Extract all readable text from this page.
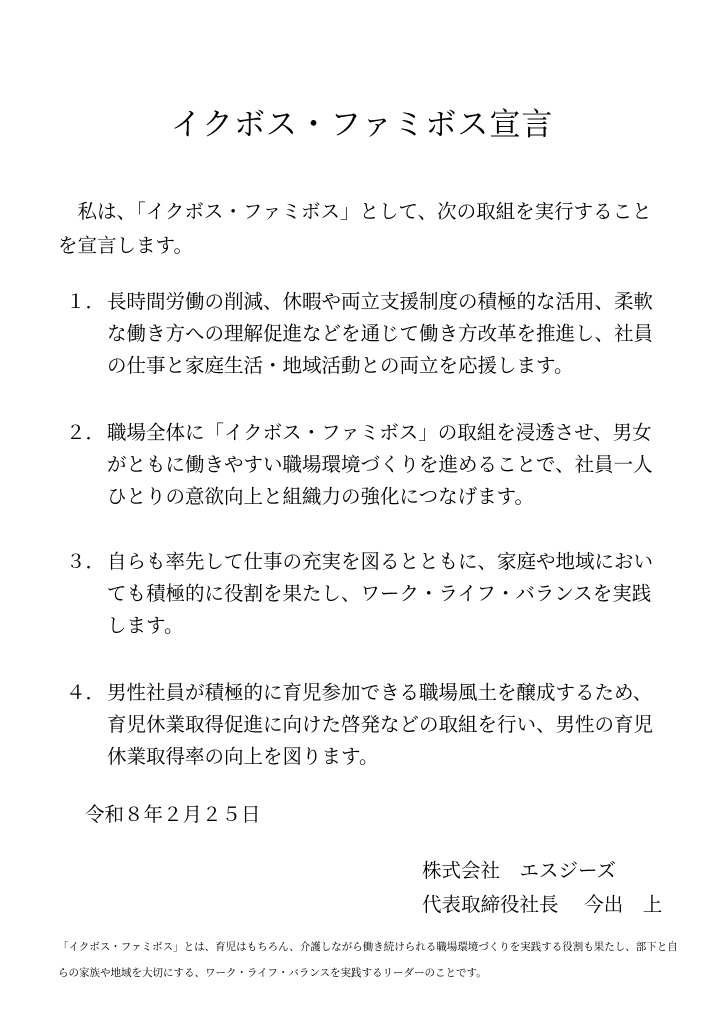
イクボス・ファミボス宣言
私は、「イクボス・ファミボス」として、次の取組を実行することを宣言します。
１． 長時間労働の削減、休暇や両立支援制度の積極的な活用、柔軟な働き方への理解促進などを通じて働き方改革を推進し、社員の仕事と家庭生活・地域活動との両立を応援します。
２． 職場全体に「イクボス・ファミボス」の取組を浸透させ、男女がともに働きやすい職場環境づくりを進めることで、社員一人ひとりの意欲向上と組織力の強化につなげます。
３． 自らも率先して仕事の充実を図るとともに、家庭や地域においても積極的に役割を果たし、ワーク・ライフ・バランスを実践します。
４． 男性社員が積極的に育児参加できる職場風土を醸成するため、育児休業取得促進に向けた啓発などの取組を行い、男性の育児休業取得率の向上を図ります。
令和８年２月２５日
株式会社　エスジーズ
代表取締役社長　 今出　上
「イクボス・ファミボス」とは、育児はもちろん、介護しながら働き続けられる職場環境づくりを実践する役割も果たし、部下と自らの家族や地域を大切にする、ワーク・ライフ・バランスを実践するリーダーのことです。
